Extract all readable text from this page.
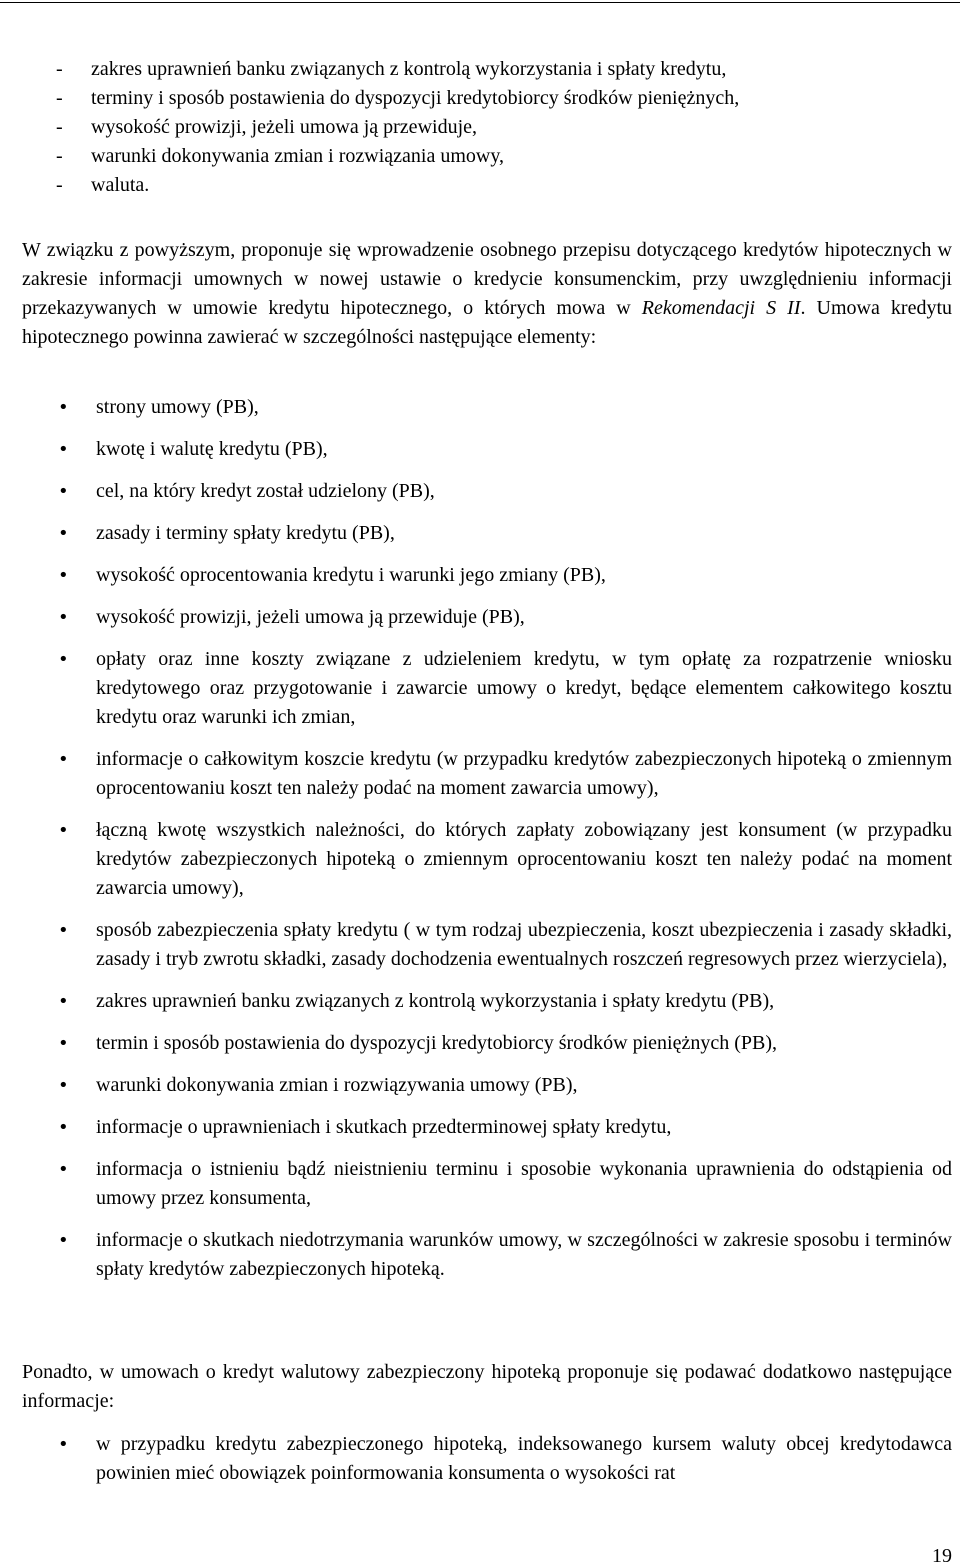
- zakres uprawnień banku związanych z kontrolą wykorzystania i spłaty kredytu,
- terminy i sposób postawienia do dyspozycji kredytobiorcy środków pieniężnych,
- wysokość prowizji, jeżeli umowa ją przewiduje,
- warunki dokonywania zmian i rozwiązania umowy,
- waluta.

W związku z powyższym, proponuje się wprowadzenie osobnego przepisu dotyczącego kredytów hipotecznych w zakresie informacji umownych w nowej ustawie o kredycie konsumenckim, przy uwzględnieniu informacji przekazywanych w umowie kredytu hipotecznego, o których mowa w Rekomendacji S II. Umowa kredytu hipotecznego powinna zawierać w szczególności następujące elementy:

• strony umowy (PB),
• kwotę i walutę kredytu (PB),
• cel, na który kredyt został udzielony (PB),
• zasady i terminy spłaty kredytu (PB),
• wysokość oprocentowania kredytu i warunki jego zmiany (PB),
• wysokość prowizji, jeżeli umowa ją przewiduje (PB),
• opłaty oraz inne koszty związane z udzieleniem kredytu, w tym opłatę za rozpatrzenie wniosku kredytowego oraz przygotowanie i zawarcie umowy o kredyt, będące elementem całkowitego kosztu kredytu oraz warunki ich zmian,
• informacje o całkowitym koszcie kredytu (w przypadku kredytów zabezpieczonych hipoteką o zmiennym oprocentowaniu koszt ten należy podać na moment zawarcia umowy),
• łączną kwotę wszystkich należności, do których zapłaty zobowiązany jest konsument (w przypadku kredytów zabezpieczonych hipoteką o zmiennym oprocentowaniu koszt ten należy podać na moment zawarcia umowy),
• sposób zabezpieczenia spłaty kredytu ( w tym rodzaj ubezpieczenia, koszt ubezpieczenia i zasady składki, zasady i tryb zwrotu składki, zasady dochodzenia ewentualnych roszczeń regresowych przez wierzyciela),
• zakres uprawnień banku związanych z kontrolą wykorzystania i spłaty kredytu (PB),
• termin i sposób postawienia do dyspozycji kredytobiorcy środków pieniężnych (PB),
• warunki dokonywania zmian i rozwiązywania umowy (PB),
• informacje o uprawnieniach i skutkach przedterminowej spłaty kredytu,
• informacja o istnieniu bądź nieistnieniu terminu i sposobie wykonania uprawnienia do odstąpienia od umowy przez konsumenta,
• informacje o skutkach niedotrzymania warunków umowy, w szczególności w zakresie sposobu i terminów spłaty kredytów zabezpieczonych hipoteką.

Ponadto, w umowach o kredyt walutowy zabezpieczony hipoteką proponuje się podawać dodatkowo następujące informacje:

• w przypadku kredytu zabezpieczonego hipoteką, indeksowanego kursem waluty obcej kredytodawca powinien mieć obowiązek poinformowania konsumenta o wysokości rat
19
